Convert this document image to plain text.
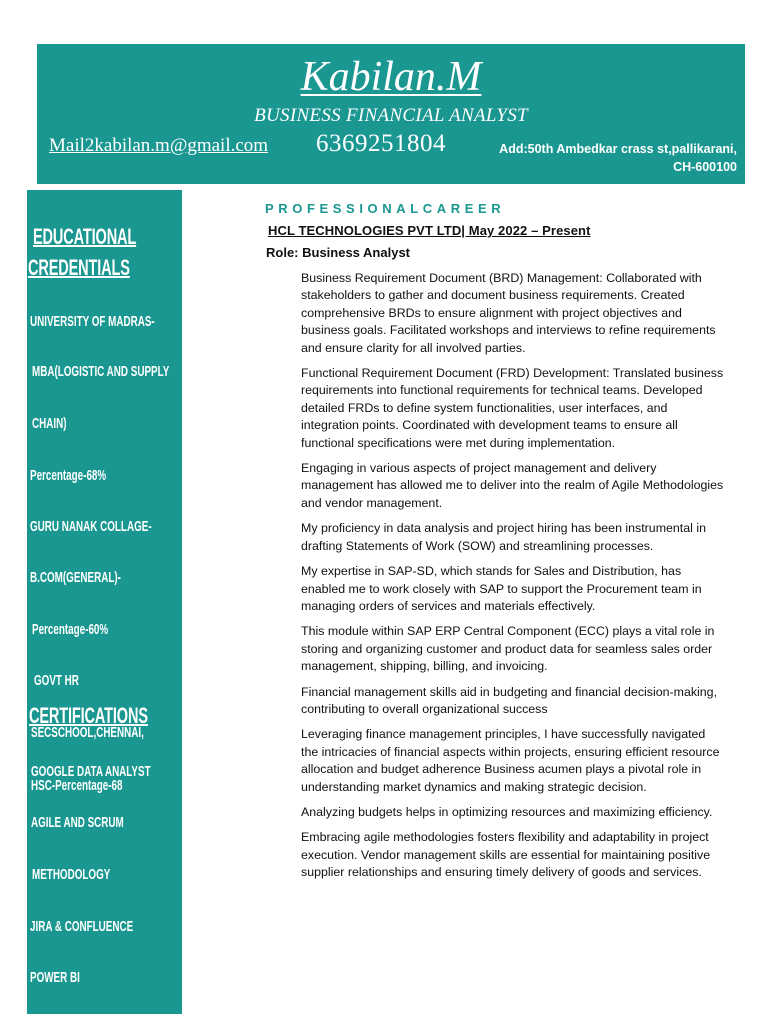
Kabilan.M
BUSINESS FINANCIAL ANALYST
Mail2kabilan.m@gmail.com 6369251804	Add:50th Ambedkar crass st,pallikarani,
CH-600100
EDUCATIONAL
CREDENTIALS
UNIVERSITY OF MADRAS-
MBA(LOGISTIC AND SUPPLY
CHAIN)
Percentage-68%
GURU NANAK COLLAGE-
B.COM(GENERAL)-
Percentage-60%
GOVT HR
SECSCHOOL,CHENNAI,
CERTIFICATIONS
GOOGLE DATA ANALYST
HSC-Percentage-68
AGILE AND SCRUM
METHODOLOGY
JIRA & CONFLUENCE
POWER BI
PROFESSIONALCAREER
HCL TECHNOLOGIES PVT LTD| May 2022 – Present
Role: Business Analyst

Business Requirement Document (BRD) Management: Collaborated with stakeholders to gather and document business requirements. Created comprehensive BRDs to ensure alignment with project objectives and business goals. Facilitated workshops and interviews to refine requirements and ensure clarity for all involved parties.

Functional Requirement Document (FRD) Development: Translated business requirements into functional requirements for technical teams. Developed detailed FRDs to define system functionalities, user interfaces, and integration points. Coordinated with development teams to ensure all functional specifications were met during implementation.

Engaging in various aspects of project management and delivery management has allowed me to deliver into the realm of Agile Methodologies and vendor management.

My proficiency in data analysis and project hiring has been instrumental in drafting Statements of Work (SOW) and streamlining processes.

My expertise in SAP-SD, which stands for Sales and Distribution, has enabled me to work closely with SAP to support the Procurement team in managing orders of services and materials effectively.

This module within SAP ERP Central Component (ECC) plays a vital role in storing and organizing customer and product data for seamless sales order management, shipping, billing, and invoicing.

Financial management skills aid in budgeting and financial decision-making, contributing to overall organizational success

Leveraging finance management principles, I have successfully navigated the intricacies of financial aspects within projects, ensuring efficient resource allocation and budget adherence Business acumen plays a pivotal role in understanding market dynamics and making strategic decision.

Analyzing budgets helps in optimizing resources and maximizing efficiency.

Embracing agile methodologies fosters flexibility and adaptability in project execution. Vendor management skills are essential for maintaining positive supplier relationships and ensuring timely delivery of goods and services.
